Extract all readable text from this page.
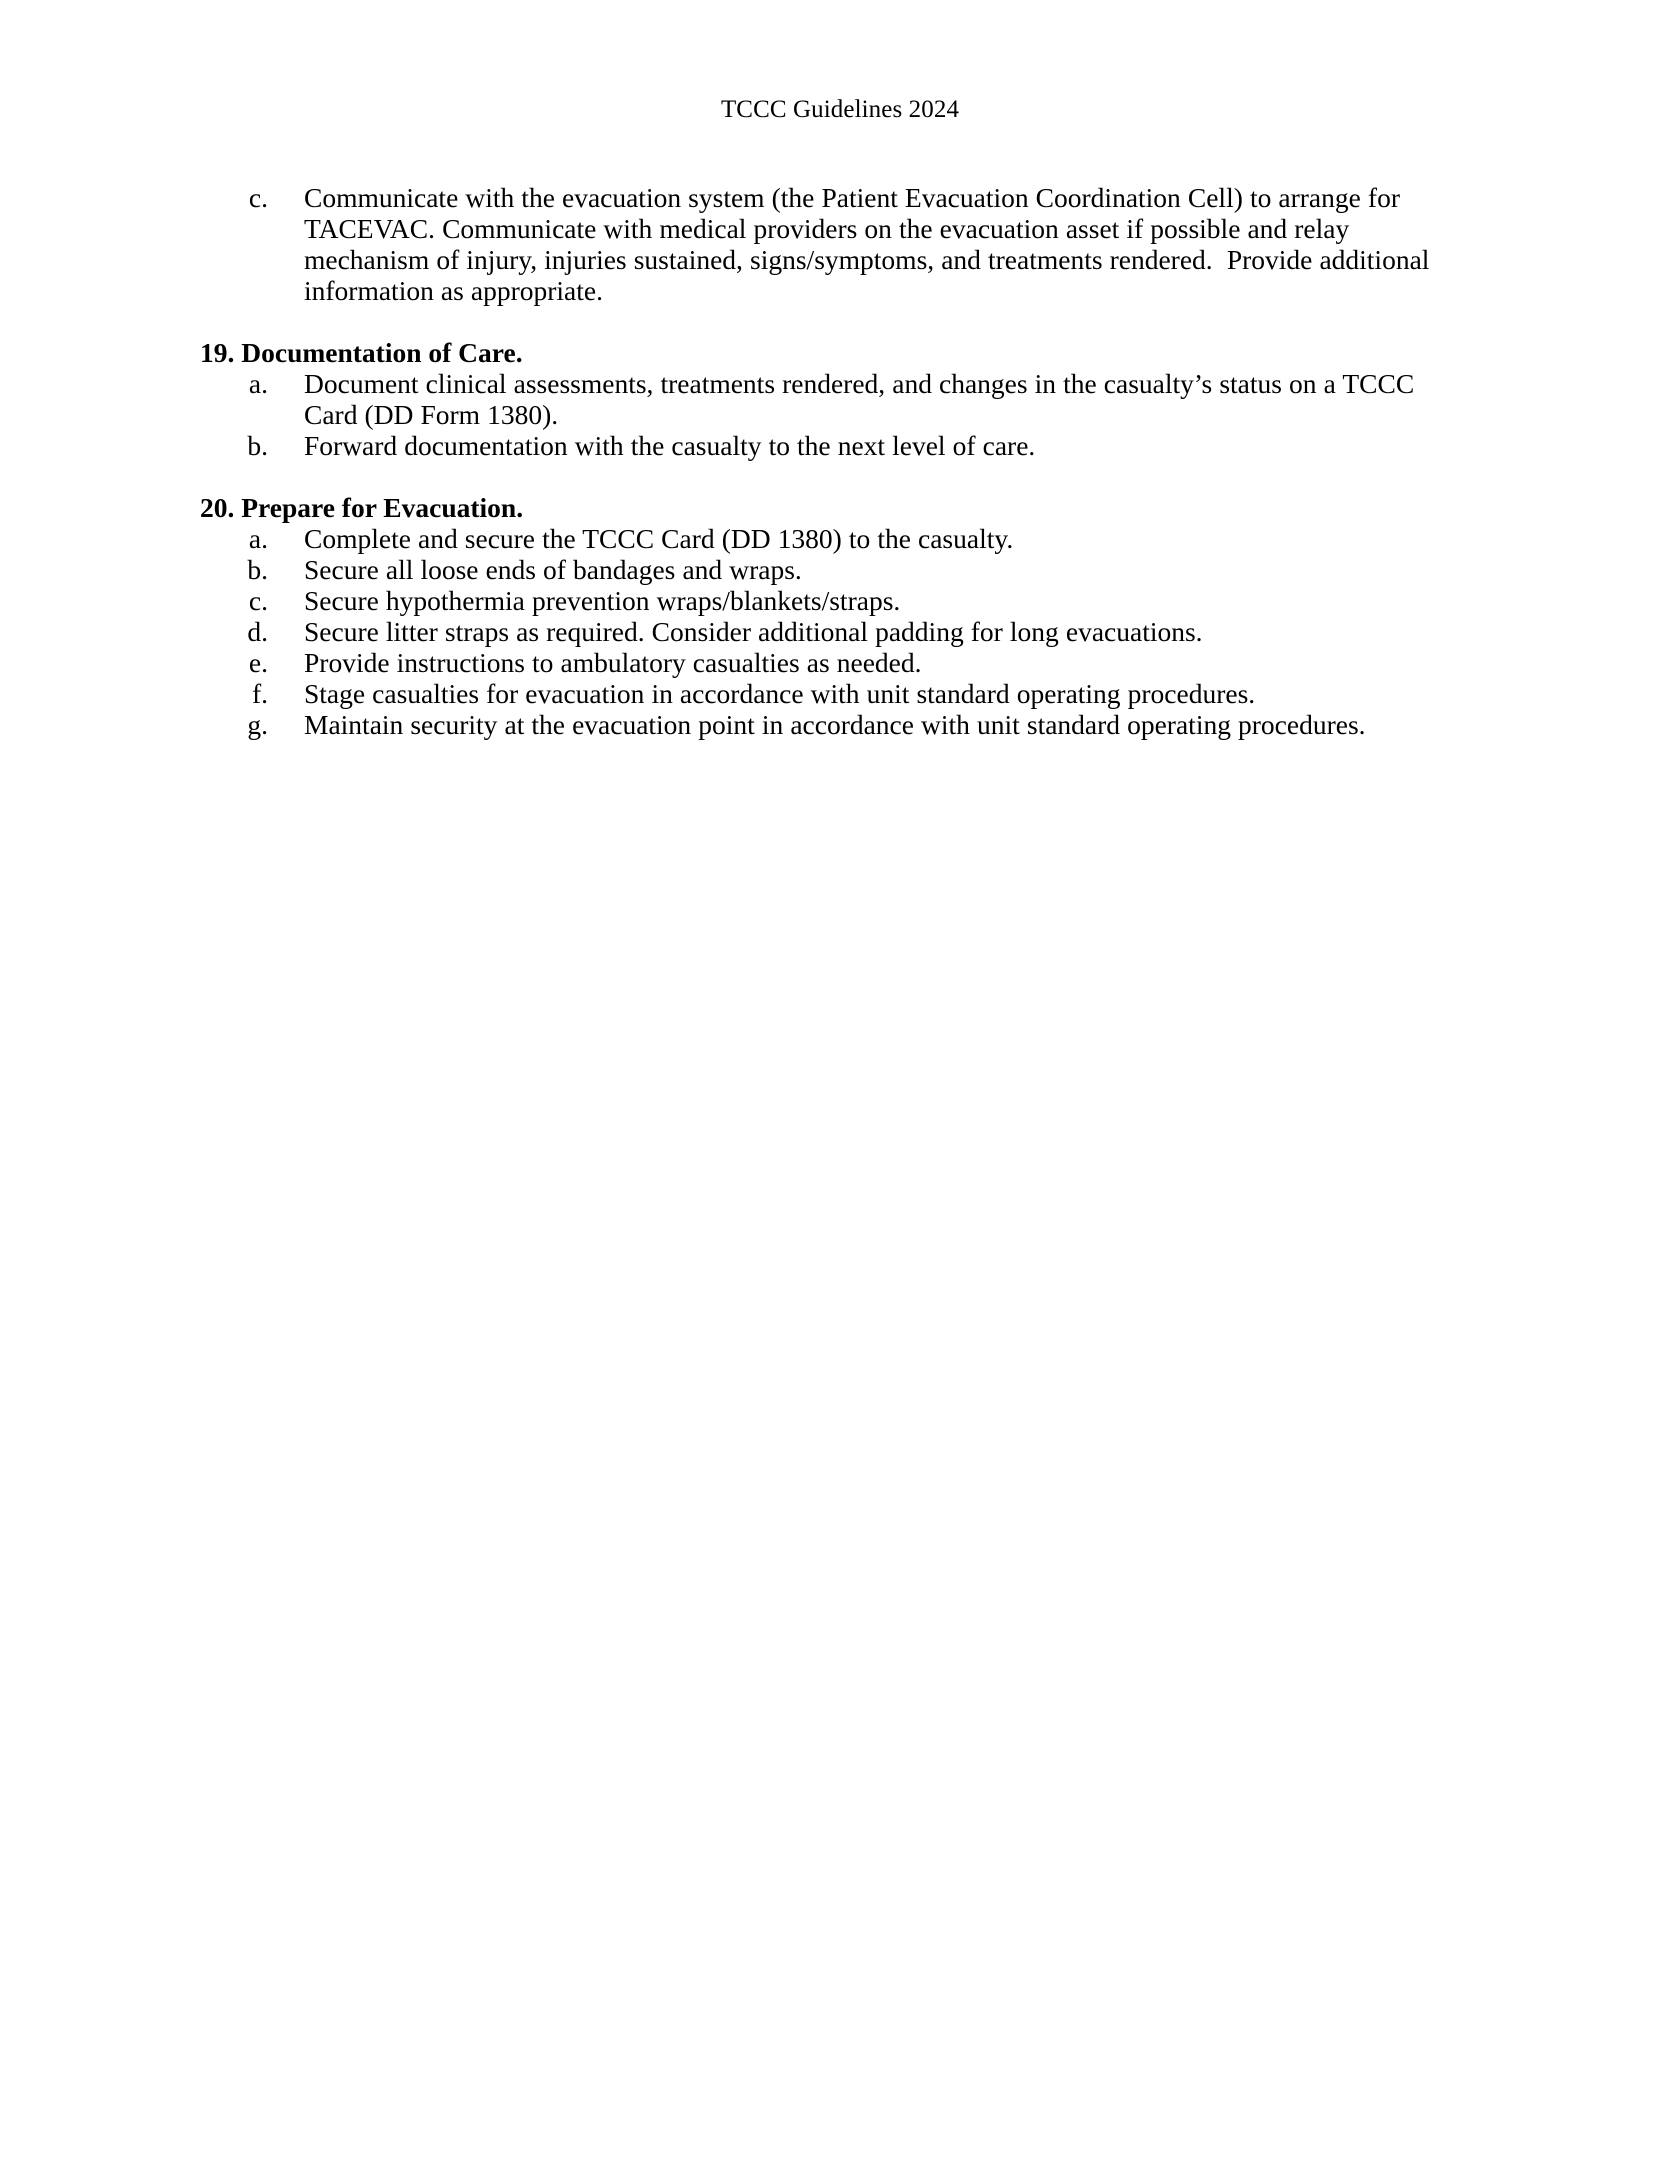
TCCC Guidelines 2024
c.	Communicate with the evacuation system (the Patient Evacuation Coordination Cell) to arrange for TACEVAC. Communicate with medical providers on the evacuation asset if possible and relay mechanism of injury, injuries sustained, signs/symptoms, and treatments rendered.  Provide additional information as appropriate.
19. Documentation of Care.
a.	Document clinical assessments, treatments rendered, and changes in the casualty’s status on a TCCC Card (DD Form 1380).
b.	Forward documentation with the casualty to the next level of care.
20. Prepare for Evacuation.
a.	Complete and secure the TCCC Card (DD 1380) to the casualty.
b.	Secure all loose ends of bandages and wraps.
c.	Secure hypothermia prevention wraps/blankets/straps.
d.	Secure litter straps as required. Consider additional padding for long evacuations.
e.	Provide instructions to ambulatory casualties as needed.
f.	Stage casualties for evacuation in accordance with unit standard operating procedures.
g.	Maintain security at the evacuation point in accordance with unit standard operating procedures.
